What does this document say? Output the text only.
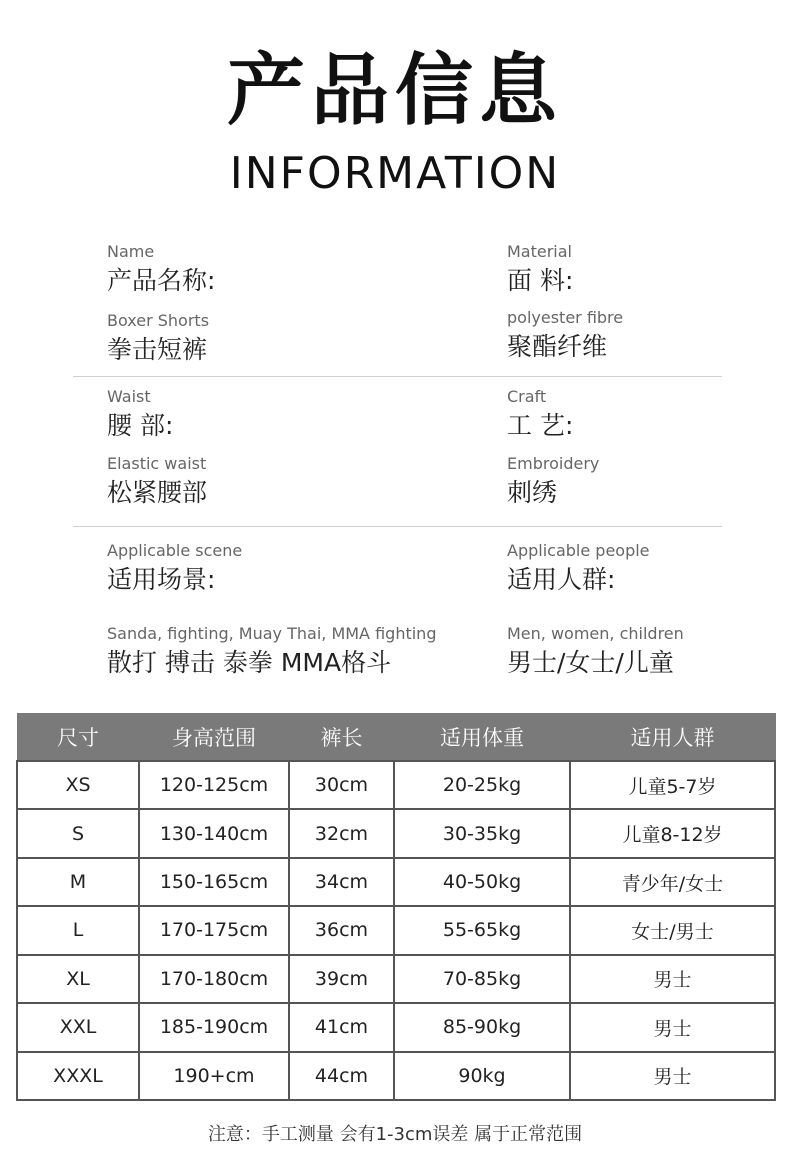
产品信息
INFORMATION
Name
产品名称:
Boxer Shorts
拳击短裤
Material
面 料:
polyester fibre
聚酯纤维
Waist
腰 部:
Elastic waist
松紧腰部
Craft
工 艺:
Embroidery
刺绣
Applicable scene
适用场景:
Sanda, fighting, Muay Thai, MMA fighting
散打 搏击 泰拳 MMA格斗
Applicable people
适用人群:
Men, women, children
男士/女士/儿童
尺寸	身高范围	裤长	适用体重	适用人群
XS	120-125cm	30cm	20-25kg	儿童5-7岁
S	130-140cm	32cm	30-35kg	儿童8-12岁
M	150-165cm	34cm	40-50kg	青少年/女士
L	170-175cm	36cm	55-65kg	女士/男士
XL	170-180cm	39cm	70-85kg	男士
XXL	185-190cm	41cm	85-90kg	男士
XXXL	190+cm	44cm	90kg	男士
注意：手工测量 会有1-3cm误差 属于正常范围
